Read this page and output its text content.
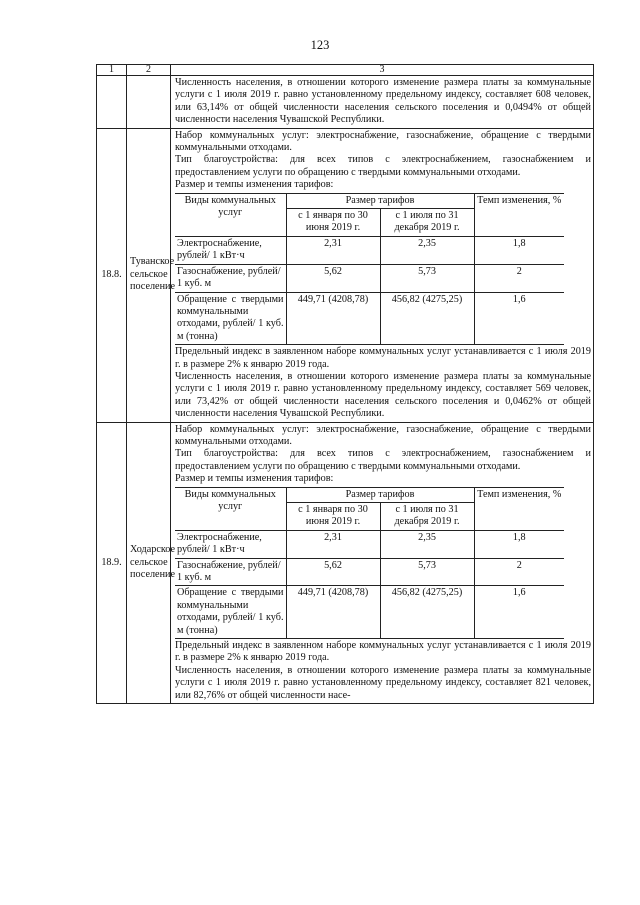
123
1	2	3

Численность населения, в отношении которого изменение размера платы за коммунальные услуги с 1 июля 2019 г. равно установленному предельному индексу, составляет 608 человек, или 63,14% от общей численности населения сельского поселения и 0,0494% от общей численности населения Чувашской Республики.

18.8.	Туванское сельское поселение	
Набор коммунальных услуг: электроснабжение, газоснабжение, обращение с твердыми коммунальными отходами.
Тип благоустройства: для всех типов с электроснабжением, газоснабжением и предоставлением услуги по обращению с твердыми коммунальными отходами.
Размер и темпы изменения тарифов:
Виды коммунальных услуг	Размер тарифов	Темп изменения, %
с 1 января по 30 июня 2019 г.	с 1 июля по 31 декабря 2019 г.
Электроснабжение, рублей/ 1 кВт·ч	2,31	2,35	1,8
Газоснабжение, рублей/ 1 куб. м	5,62	5,73	2
Обращение с твердыми коммунальными отходами, рублей/ 1 куб. м (тонна)	449,71 (4208,78)	456,82 (4275,25)	1,6
Предельный индекс в заявленном наборе коммунальных услуг устанавливается с 1 июля 2019 г. в размере 2% к январю 2019 года.
Численность населения, в отношении которого изменение размера платы за коммунальные услуги с 1 июля 2019 г. равно установленному предельному индексу, составляет 569 человек, или 73,42% от общей численности населения сельского поселения и 0,0462% от общей численности населения Чувашской Республики.

18.9.	Ходарское сельское поселение	
Набор коммунальных услуг: электроснабжение, газоснабжение, обращение с твердыми коммунальными отходами.
Тип благоустройства: для всех типов с электроснабжением, газоснабжением и предоставлением услуги по обращению с твердыми коммунальными отходами.
Размер и темпы изменения тарифов:
Виды коммунальных услуг	Размер тарифов	Темп изменения, %
с 1 января по 30 июня 2019 г.	с 1 июля по 31 декабря 2019 г.
Электроснабжение, рублей/ 1 кВт·ч	2,31	2,35	1,8
Газоснабжение, рублей/ 1 куб. м	5,62	5,73	2
Обращение с твердыми коммунальными отходами, рублей/ 1 куб. м (тонна)	449,71 (4208,78)	456,82 (4275,25)	1,6
Предельный индекс в заявленном наборе коммунальных услуг устанавливается с 1 июля 2019 г. в размере 2% к январю 2019 года.
Численность населения, в отношении которого изменение размера платы за коммунальные услуги с 1 июля 2019 г. равно установленному предельному индексу, составляет 821 человек, или 82,76% от общей численности насе-
